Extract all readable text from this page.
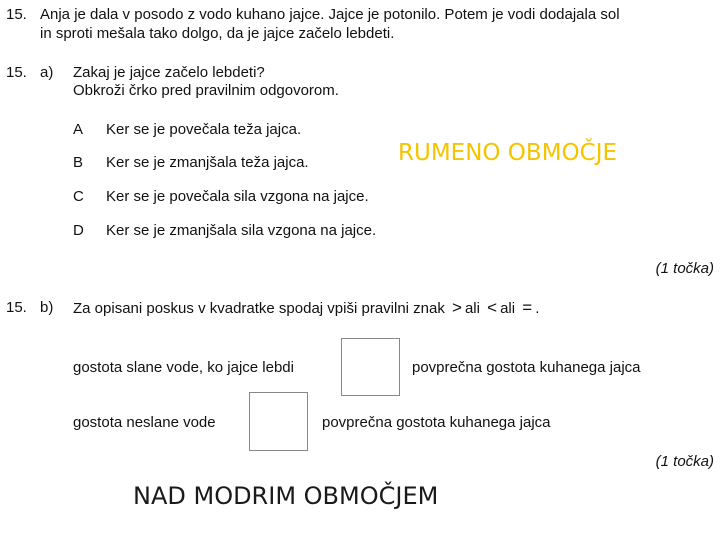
15. Anja je dala v posodo z vodo kuhano jajce. Jajce je potonilo. Potem je vodi dodajala sol
in sproti mešala tako dolgo, da je jajce začelo lebdeti.
15. a) Zakaj je jajce začelo lebdeti?
Obkroži črko pred pravilnim odgovorom.
A Ker se je povečala teža jajca.
B Ker se je zmanjšala teža jajca.
C Ker se je povečala sila vzgona na jajce.
D Ker se je zmanjšala sila vzgona na jajce.
(1 točka)
RUMENO OBMOČJE
15. b) Za opisani poskus v kvadratke spodaj vpiši pravilni znak > ali < ali = .
gostota slane vode, ko jajce lebdi	povprečna gostota kuhanega jajca
gostota neslane vode	povprečna gostota kuhanega jajca
(1 točka)
NAD MODRIM OBMOČJEM
